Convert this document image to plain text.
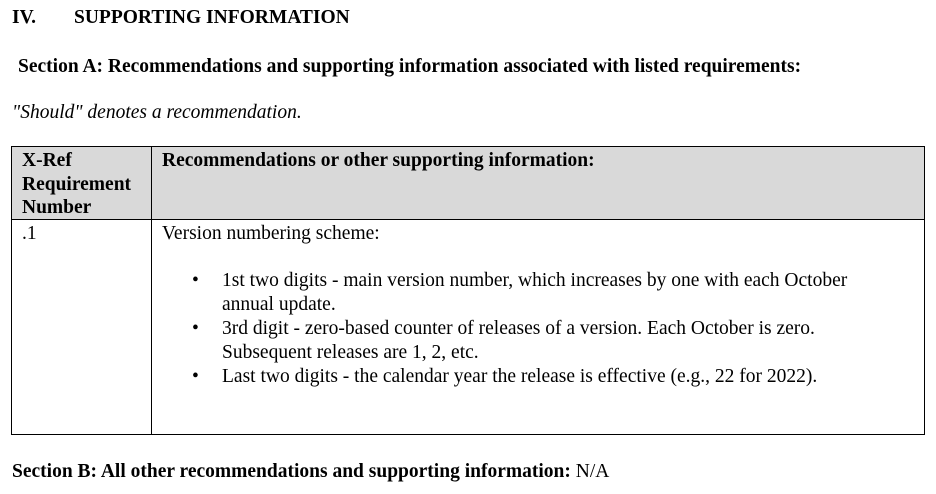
IV. SUPPORTING INFORMATION
Section A: Recommendations and supporting information associated with listed requirements:
"Should" denotes a recommendation.
X-Ref
Requirement
Number
Recommendations or other supporting information:
.1	Version numbering scheme:
• 1st two digits - main version number, which increases by one with each October
annual update.
• 3rd digit - zero-based counter of releases of a version. Each October is zero.
Subsequent releases are 1, 2, etc.
• Last two digits - the calendar year the release is effective (e.g., 22 for 2022).
Section B: All other recommendations and supporting information: N/A
